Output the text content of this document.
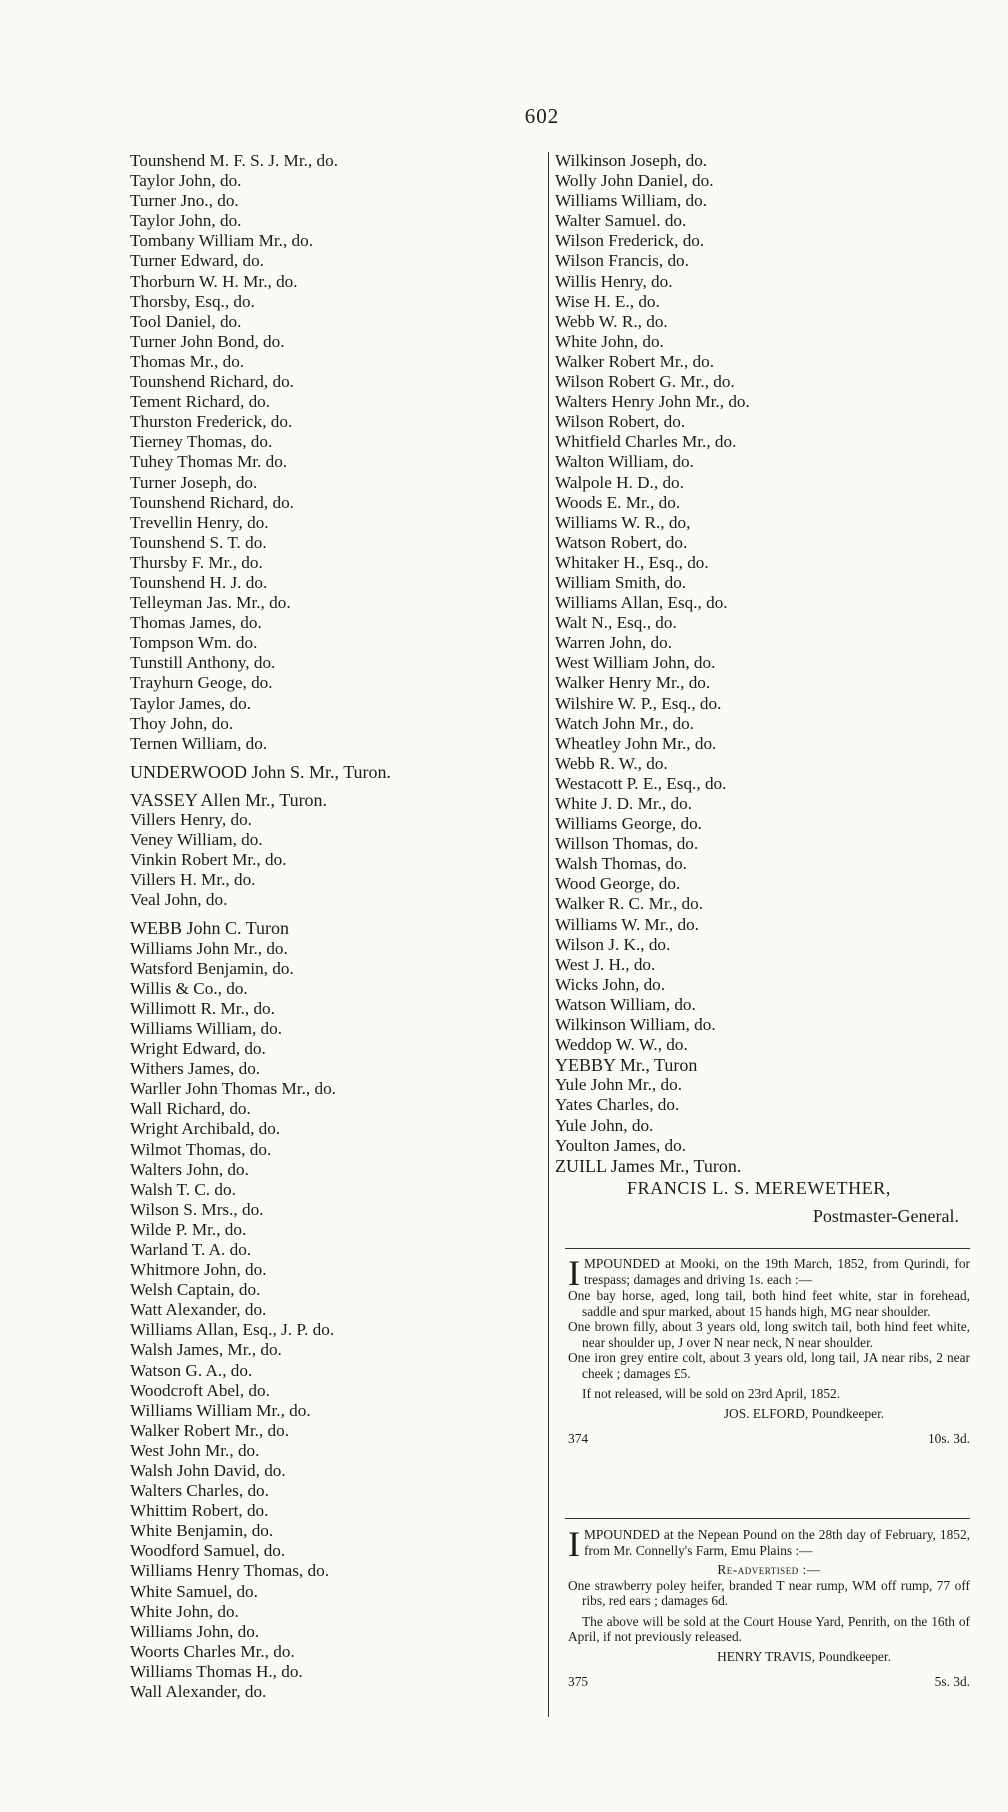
602
Tounshend M. F. S. J. Mr., do.
Taylor John, do.
Turner Jno., do.
Taylor John, do.
Tombany William Mr., do.
Turner Edward, do.
Thorburn W. H. Mr., do.
Thorsby, Esq., do.
Tool Daniel, do.
Turner John Bond, do.
Thomas Mr., do.
Tounshend Richard, do.
Tement Richard, do.
Thurston Frederick, do.
Tierney Thomas, do.
Tuhey Thomas Mr. do.
Turner Joseph, do.
Tounshend Richard, do.
Trevellin Henry, do.
Tounshend S. T. do.
Thursby F. Mr., do.
Tounshend H. J. do.
Telleyman Jas. Mr., do.
Thomas James, do.
Tompson Wm. do.
Tunstill Anthony, do.
Trayhurn Geoge, do.
Taylor James, do.
Thoy John, do.
Ternen William, do.
UNDERWOOD John S. Mr., Turon.
VASSEY Allen Mr., Turon.
Villers Henry, do.
Veney William, do.
Vinkin Robert Mr., do.
Villers H. Mr., do.
Veal John, do.
WEBB John C. Turon
Williams John Mr., do.
Watsford Benjamin, do.
Willis & Co., do.
Willimott R. Mr., do.
Williams William, do.
Wright Edward, do.
Withers James, do.
Warller John Thomas Mr., do.
Wall Richard, do.
Wright Archibald, do.
Wilmot Thomas, do.
Walters John, do.
Walsh T. C. do.
Wilson S. Mrs., do.
Wilde P. Mr., do.
Warland T. A. do.
Whitmore John, do.
Welsh Captain, do.
Watt Alexander, do.
Williams Allan, Esq., J. P. do.
Walsh James, Mr., do.
Watson G. A., do.
Woodcroft Abel, do.
Williams William Mr., do.
Walker Robert Mr., do.
West John Mr., do.
Walsh John David, do.
Walters Charles, do.
Whittim Robert, do.
White Benjamin, do.
Woodford Samuel, do.
Williams Henry Thomas, do.
White Samuel, do.
White John, do.
Williams John, do.
Woorts Charles Mr., do.
Williams Thomas H., do.
Wall Alexander, do.
Wilkinson Joseph, do.
Wolly John Daniel, do.
Williams William, do.
Walter Samuel. do.
Wilson Frederick, do.
Wilson Francis, do.
Willis Henry, do.
Wise H. E., do.
Webb W. R., do.
White John, do.
Walker Robert Mr., do.
Wilson Robert G. Mr., do.
Walters Henry John Mr., do.
Wilson Robert, do.
Whitfield Charles Mr., do.
Walton William, do.
Walpole H. D., do.
Woods E. Mr., do.
Williams W. R., do,
Watson Robert, do.
Whitaker H., Esq., do.
William Smith, do.
Williams Allan, Esq., do.
Walt N., Esq., do.
Warren John, do.
West William John, do.
Walker Henry Mr., do.
Wilshire W. P., Esq., do.
Watch John Mr., do.
Wheatley John Mr., do.
Webb R. W., do.
Westacott P. E., Esq., do.
White J. D. Mr., do.
Williams George, do.
Willson Thomas, do.
Walsh Thomas, do.
Wood George, do.
Walker R. C. Mr., do.
Williams W. Mr., do.
Wilson J. K., do.
West J. H., do.
Wicks John, do.
Watson William, do.
Wilkinson William, do.
Weddop W. W., do.
YEBBY Mr., Turon
Yule John Mr., do.
Yates Charles, do.
Yule John, do.
Youlton James, do.
ZUILL James Mr., Turon.
FRANCIS L. S. MEREWETHER,
Postmaster-General.

IMPOUNDED at Mooki, on the 19th March, 1852, from Qurindi, for trespass; damages and driving 1s. each :—

One bay horse, aged, long tail, both hind feet white, star in forehead, saddle and spur marked, about 15 hands high, MG near shoulder.

One brown filly, about 3 years old, long switch tail, both hind feet white, near shoulder up, J over N near neck, N near shoulder.

One iron grey entire colt, about 3 years old, long tail, JA near ribs, 2 near cheek ; damages £5.

If not released, will be sold on 23rd April, 1852.

JOS. ELFORD, Poundkeeper.

374	10s. 3d.

IMPOUNDED at the Nepean Pound on the 28th day of February, 1852, from Mr. Connelly's Farm, Emu Plains :—

Re-advertised :—

One strawberry poley heifer, branded T near rump, WM off rump, 77 off ribs, red ears ; damages 6d.

The above will be sold at the Court House Yard, Penrith, on the 16th of April, if not previously released.

HENRY TRAVIS, Poundkeeper.

375	5s. 3d.
